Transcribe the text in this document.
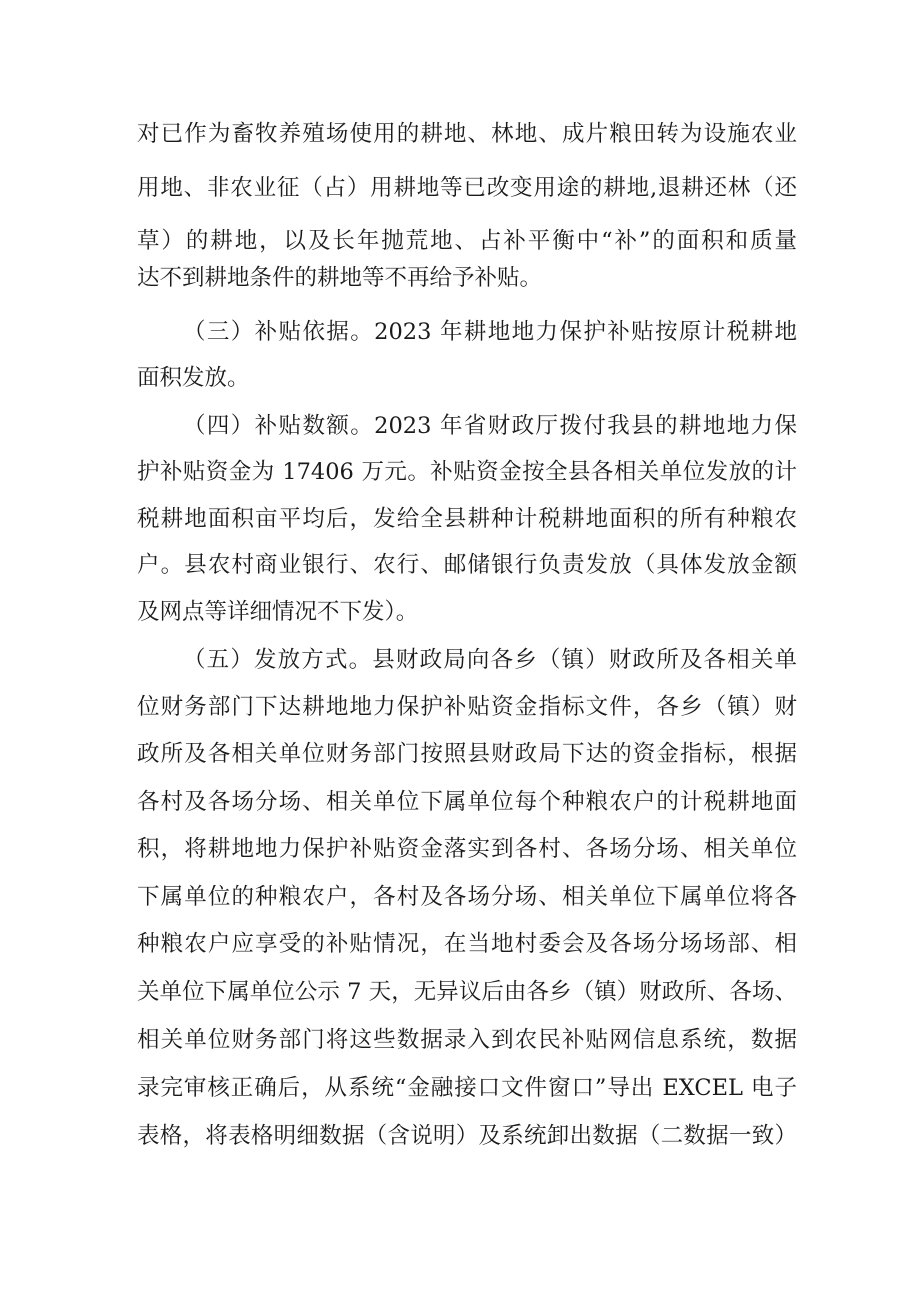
对已作为畜牧养殖场使用的耕地、林地、成片粮田转为设施农业
用地、非农业征（占）用耕地等已改变用途的耕地,退耕还林（还
草）的耕地，以及长年抛荒地、占补平衡中“补”的面积和质量
达不到耕地条件的耕地等不再给予补贴。
（三）补贴依据。2023 年耕地地力保护补贴按原计税耕地
面积发放。
（四）补贴数额。2023 年省财政厅拨付我县的耕地地力保
护补贴资金为 17406 万元。补贴资金按全县各相关单位发放的计
税耕地面积亩平均后，发给全县耕种计税耕地面积的所有种粮农
户。县农村商业银行、农行、邮储银行负责发放（具体发放金额
及网点等详细情况不下发）。
（五）发放方式。县财政局向各乡（镇）财政所及各相关单
位财务部门下达耕地地力保护补贴资金指标文件，各乡（镇）财
政所及各相关单位财务部门按照县财政局下达的资金指标，根据
各村及各场分场、相关单位下属单位每个种粮农户的计税耕地面
积，将耕地地力保护补贴资金落实到各村、各场分场、相关单位
下属单位的种粮农户，各村及各场分场、相关单位下属单位将各
种粮农户应享受的补贴情况，在当地村委会及各场分场场部、相
关单位下属单位公示 7 天，无异议后由各乡（镇）财政所、各场、
相关单位财务部门将这些数据录入到农民补贴网信息系统，数据
录完审核正确后，从系统“金融接口文件窗口”导出 EXCEL 电子
表格，将表格明细数据（含说明）及系统卸出数据（二数据一致）
